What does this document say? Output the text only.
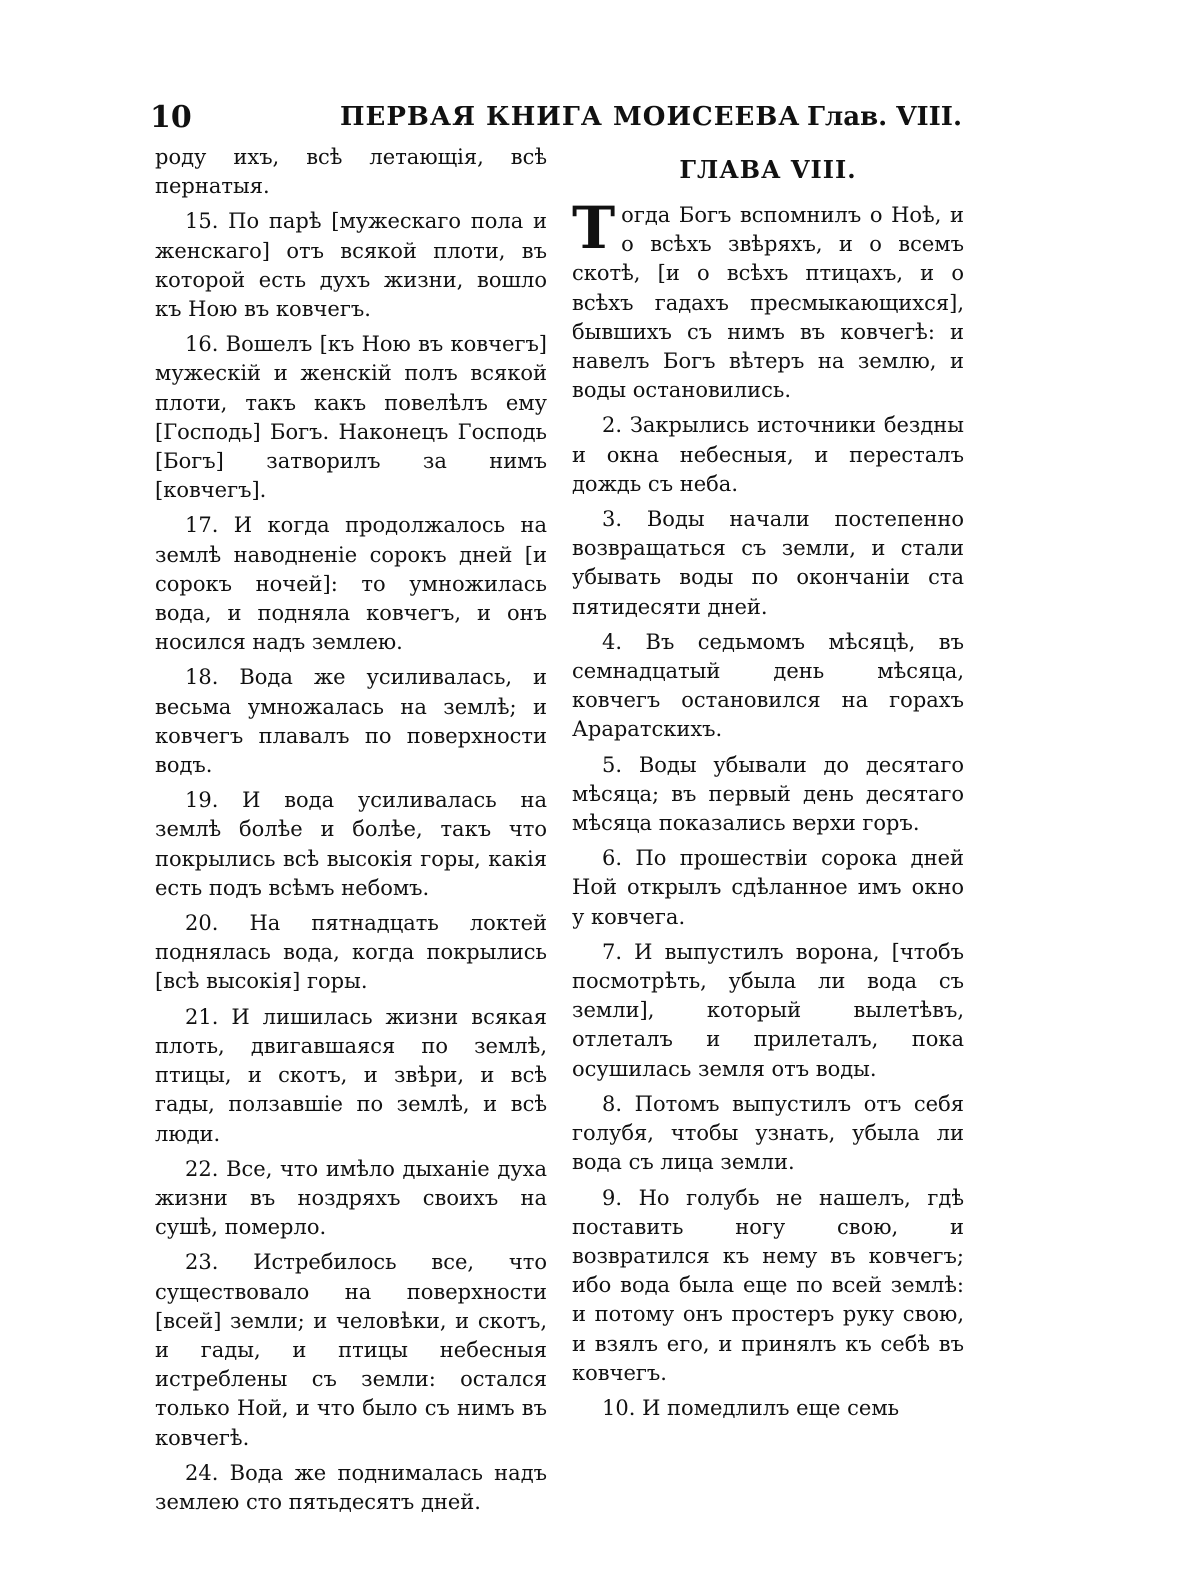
10	ПЕРВАЯ КНИГА МОИСЕЕВА Глав. VIII.

роду ихъ, всѣ летающія, всѣ пернатыя.

15. По парѣ [мужескаго пола и женскаго] отъ всякой плоти, въ которой есть духъ жизни, вошло къ Ною въ ковчегъ.

16. Вошелъ [къ Ною въ ковчегъ] мужескій и женскій полъ всякой плоти, такъ какъ повелѣлъ ему [Господь] Богъ. Наконецъ Господь [Богъ] затворилъ за нимъ [ковчегъ].

17. И когда продолжалось на землѣ наводненіе сорокъ дней [и сорокъ ночей]: то умножилась вода, и подняла ковчегъ, и онъ носился надъ землею.

18. Вода же усиливалась, и весьма умножалась на землѣ; и ковчегъ плавалъ по поверхности водъ.

19. И вода усиливалась на землѣ болѣе и болѣе, такъ что покрылись всѣ высокія горы, какія есть подъ всѣмъ небомъ.

20. На пятнадцать локтей поднялась вода, когда покрылись [всѣ высокія] горы.

21. И лишилась жизни всякая плоть, двигавшаяся по землѣ, птицы, и скотъ, и звѣри, и всѣ гады, ползавшіе по землѣ, и всѣ люди.

22. Все, что имѣло дыханіе духа жизни въ ноздряхъ своихъ на сушѣ, померло.

23. Истребилось все, что существовало на поверхности [всей] земли; и человѣки, и скотъ, и гады, и птицы небесныя истреблены съ земли: остался только Ной, и что было съ нимъ въ ковчегѣ.

24. Вода же поднималась надъ землею сто пятьдесятъ дней.

ГЛАВА VIII.

Тогда Богъ вспомнилъ о Ноѣ, и о всѣхъ звѣряхъ, и о всемъ скотѣ, [и о всѣхъ птицахъ, и о всѣхъ гадахъ пресмыкающихся], бывшихъ съ нимъ въ ковчегѣ: и навелъ Богъ вѣтеръ на землю, и воды остановились.

2. Закрылись источники бездны и окна небесныя, и пересталъ дождь съ неба.

3. Воды начали постепенно возвращаться съ земли, и стали убывать воды по окончаніи ста пятидесяти дней.

4. Въ седьмомъ мѣсяцѣ, въ семнадцатый день мѣсяца, ковчегъ остановился на горахъ Араратскихъ.

5. Воды убывали до десятаго мѣсяца; въ первый день десятаго мѣсяца показались верхи горъ.

6. По прошествіи сорока дней Ной открылъ сдѣланное имъ окно у ковчега.

7. И выпустилъ ворона, [чтобъ посмотрѣть, убыла ли вода съ земли], который вылетѣвъ, отлеталъ и прилеталъ, пока осушилась земля отъ воды.

8. Потомъ выпустилъ отъ себя голубя, чтобы узнать, убыла ли вода съ лица земли.

9. Но голубь не нашелъ, гдѣ поставить ногу свою, и возвратился къ нему въ ковчегъ; ибо вода была еще по всей землѣ: и потому онъ простеръ руку свою, и взялъ его, и принялъ къ себѣ въ ковчегъ.

10. И помедлилъ еще семь
